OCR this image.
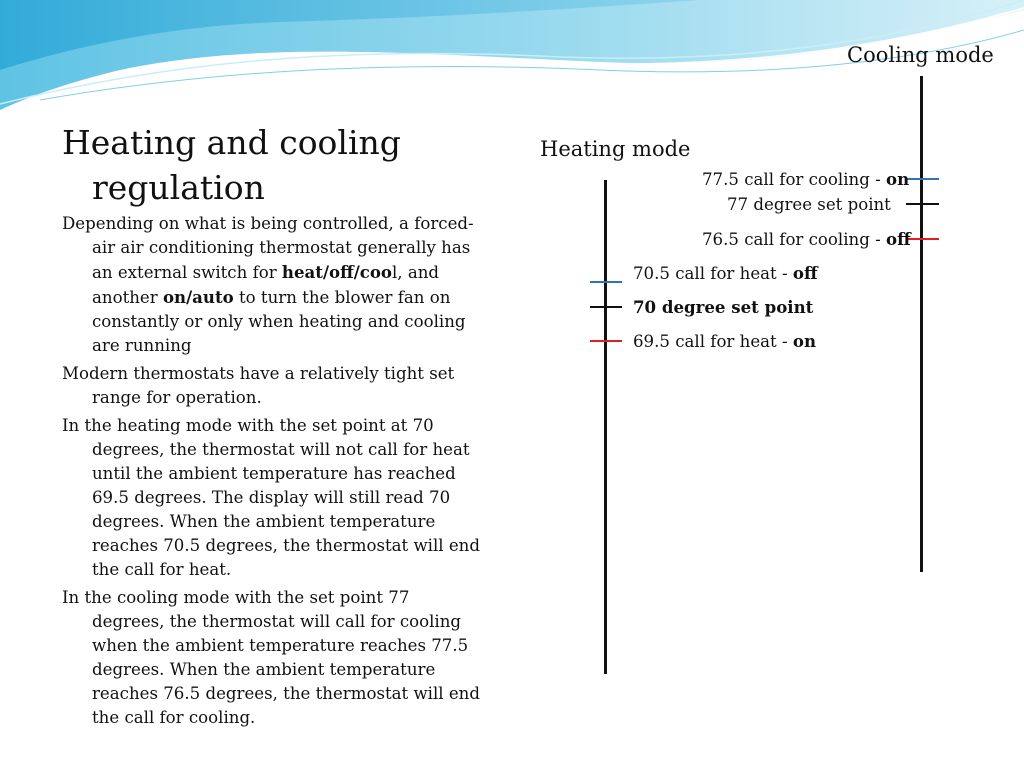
Heating and cooling regulation

Depending on what is being controlled, a forced-air air conditioning thermostat generally has an external switch for heat/off/cool, and another on/auto to turn the blower fan on constantly or only when heating and cooling are running

Modern thermostats have a relatively tight set range for operation.

In the heating mode with the set point at 70 degrees, the thermostat will not call for heat until the ambient temperature has reached 69.5 degrees. The display will still read 70 degrees. When the ambient temperature reaches 70.5 degrees, the thermostat will end the call for heat.

In the cooling mode with the set point 77 degrees, the thermostat will call for cooling when the ambient temperature reaches 77.5 degrees. When the ambient temperature reaches 76.5 degrees, the thermostat will end the call for cooling.

Heating mode
70.5 call for heat - off
70 degree set point
69.5 call for heat - on
Cooling mode
77.5 call for cooling - on
77 degree set point
76.5 call for cooling - off
